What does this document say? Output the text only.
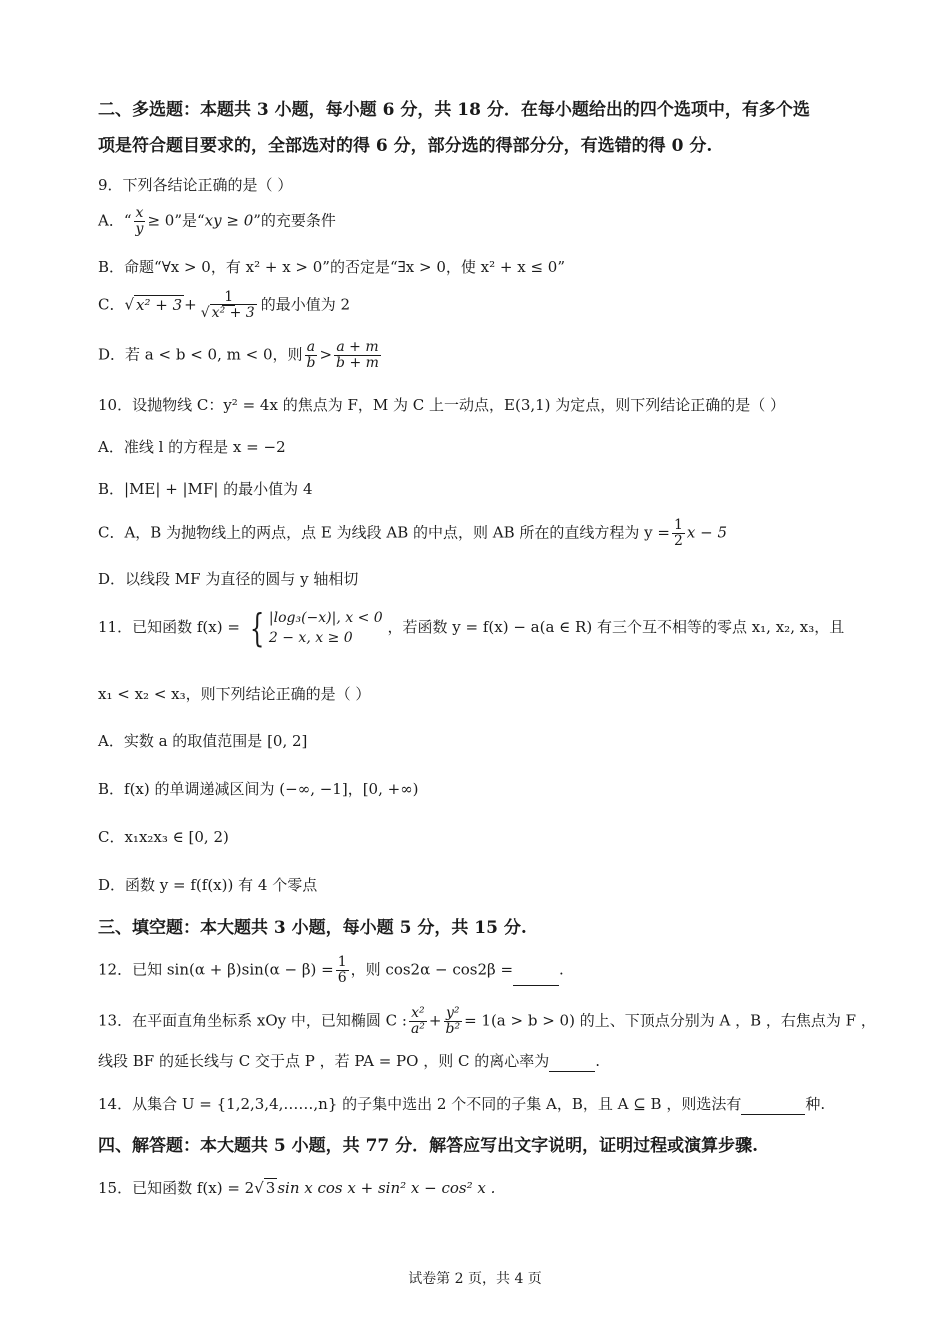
二、多选题：本题共 3 小题，每小题 6 分，共 18 分．在每小题给出的四个选项中，有多个选
项是符合题目要求的，全部选对的得 6 分，部分选的得部分分，有选错的得 0 分.
9．下列各结论正确的是（ ）
A．“ $\frac{x}{y} \ge 0$”是“xy ≥ 0”的充要条件
B．命题“∀x > 0，有 x² + x > 0”的否定是“∃x > 0，使 x² + x ≤ 0”
C．√ $x^2 + 3 + \frac{1}{\text{√ x² + 3}}$ 的最小值为 2
D．若 a < b < 0, m < 0，则 $\frac{a}{b} > \frac{a + m}{b + m}$
10．设抛物线 C：y² = 4x 的焦点为 F，M 为 C 上一动点，E(3,1) 为定点，则下列结论正确的是（ ）
A．准线 l 的方程是 x = −2
B．|ME| + |MF| 的最小值为 4
C．A，B 为抛物线上的两点，点 E 为线段 AB 的中点，则 AB 所在的直线方程为 $y = \frac{1}{2}$ x − 5
D．以线段 MF 为直径的圆与 y 轴相切
11．已知函数 f(x) = { |log₃(−x)|, x < 0
2 − x, x ≥ 0
，若函数 y = f(x) − a(a ∈ R) 有三个互不相等的零点 x₁, x₂, x₃，且
x₁ < x₂ < x₃，则下列结论正确的是（ ）
A．实数 a 的取值范围是 [0, 2]
B．f(x) 的单调递减区间为 (−∞, −1]，[0, +∞)
C．x₁x₂x₃ ∈ [0, 2)
D．函数 y = f(f(x)) 有 4 个零点
三、填空题：本大题共 3 小题，每小题 5 分，共 15 分.
12．已知 $\sin(\alpha + \beta)\sin(\alpha - \beta) = \frac{1}{6}$ ，则 cos2α − cos2β =	.
13．在平面直角坐标系 xOy 中，已知椭圆 C : $\frac{\text{x²}}{\text{a²}} + \frac{\text{y²}}{\text{b²}} = 1(a > b > 0)$ 的上、下顶点分别为 A ，B ，右焦点为 F ，
线段 BF 的延长线与 C 交于点 P ，若 PA = PO ，则 C 的离心率为	.
14．从集合 U = {1,2,3,4,……,n} 的子集中选出 2 个不同的子集 A，B，且 A ⊆ B ，则选法有	种.
四、解答题：本大题共 5 小题，共 77 分．解答应写出文字说明，证明过程或演算步骤.
15．已知函数 f(x) = 2√ 3 sin x cos x + sin² x − cos² x .
试卷第 2 页，共 4 页
